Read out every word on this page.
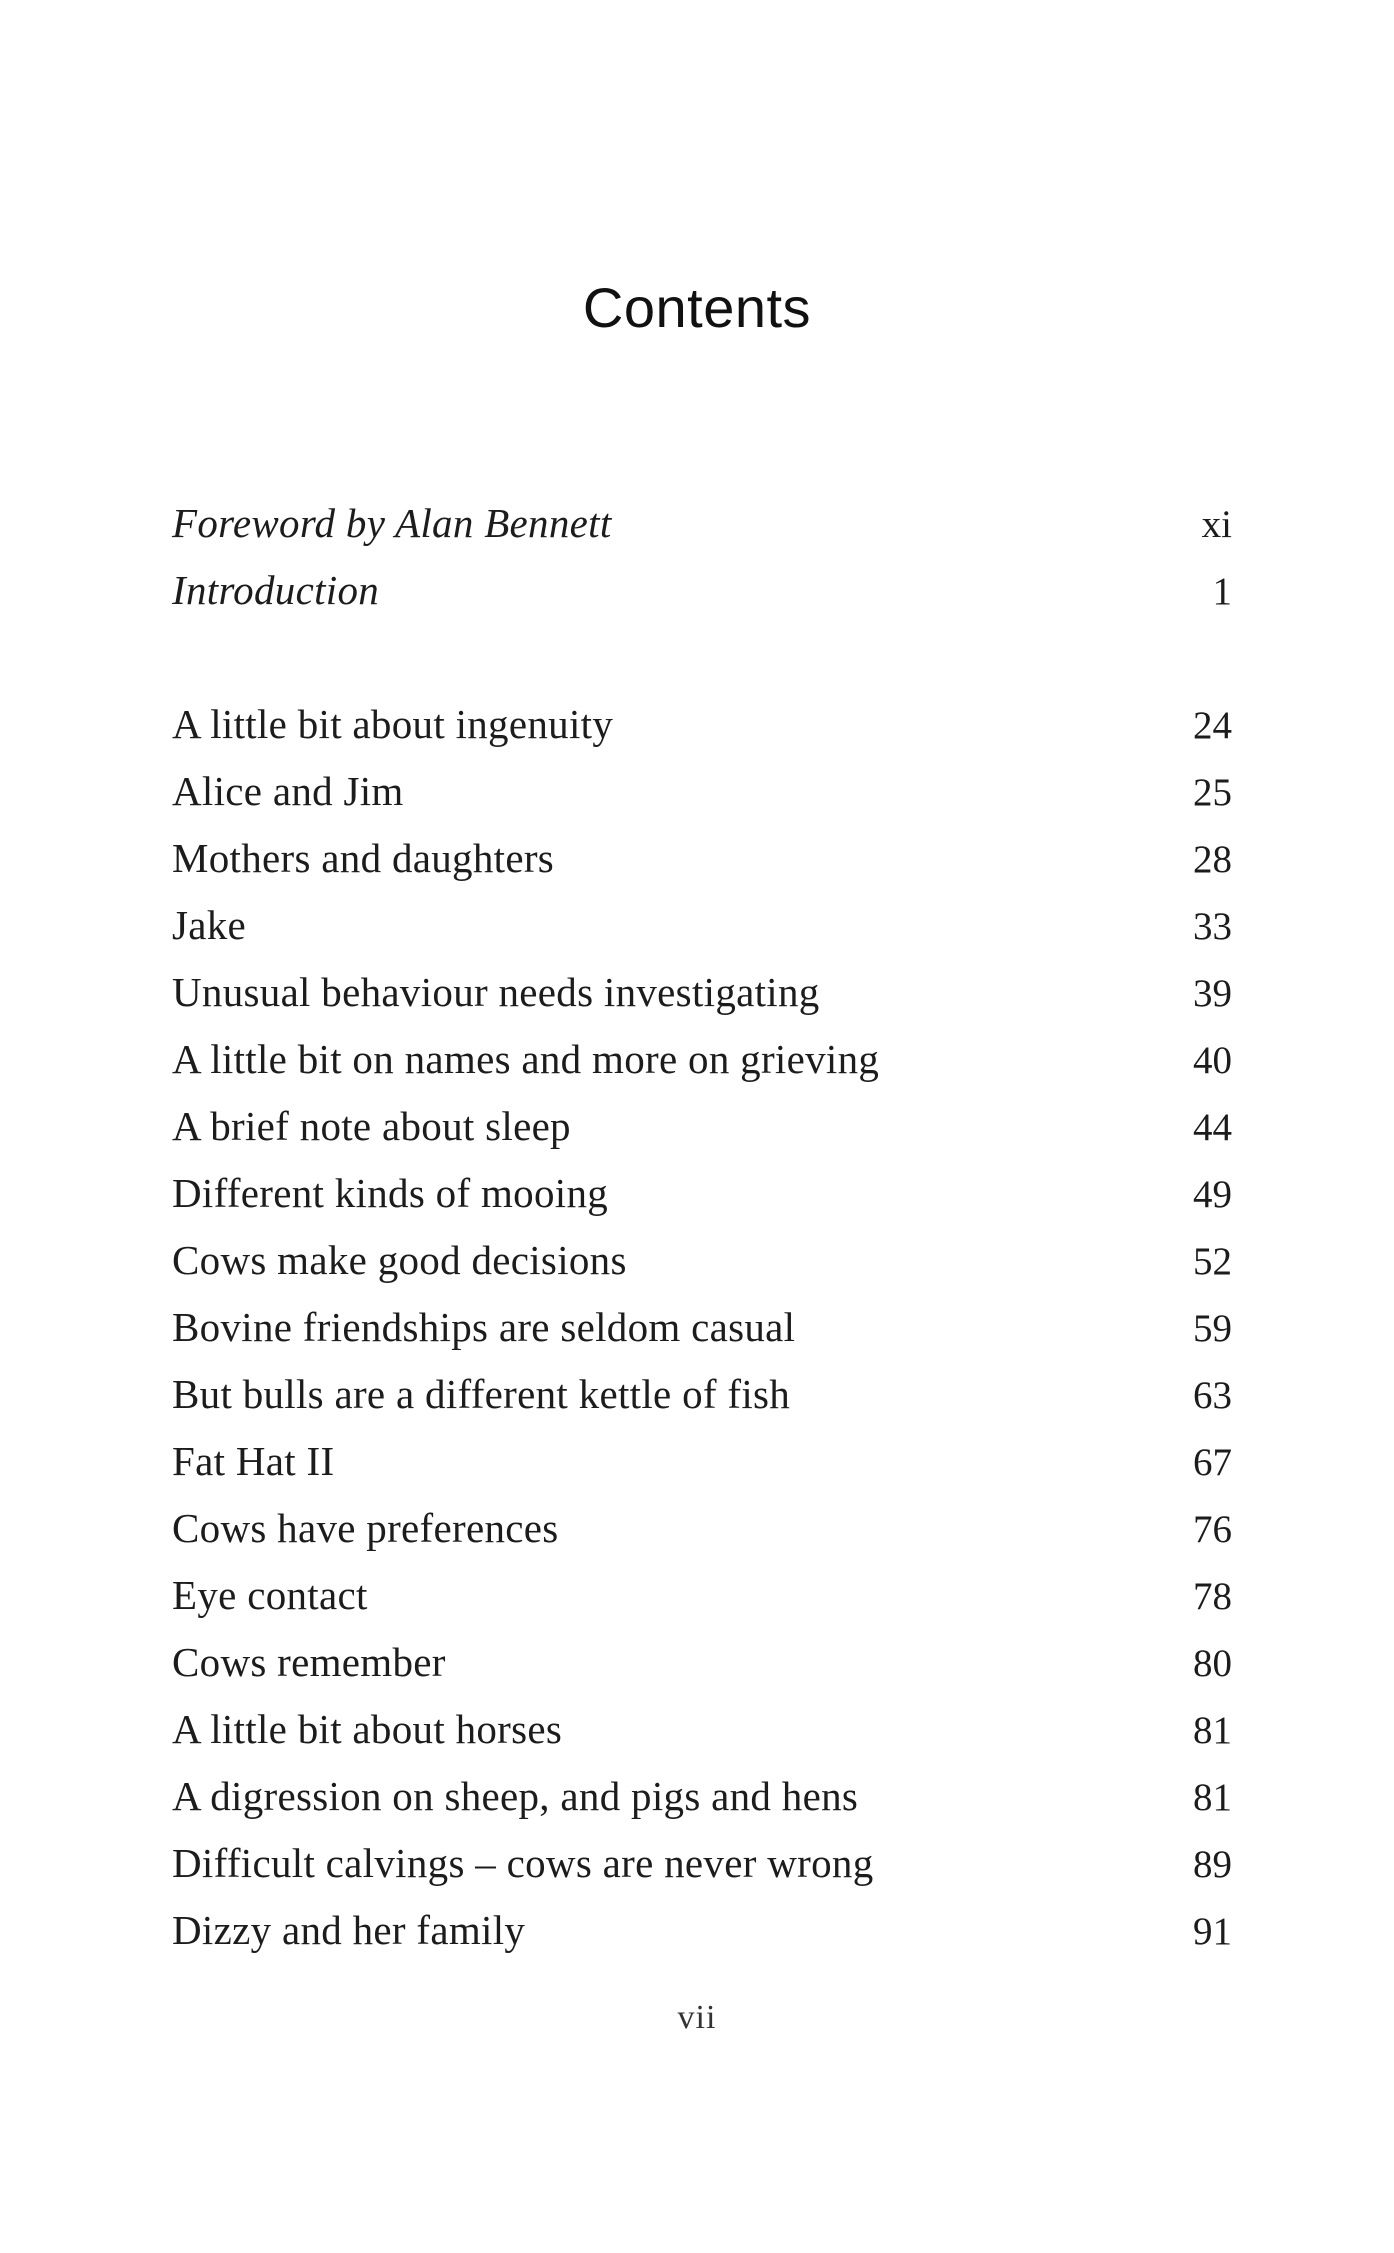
Contents
Foreword by Alan Bennett	xi
Introduction	1
A little bit about ingenuity	24
Alice and Jim	25
Mothers and daughters	28
Jake	33
Unusual behaviour needs investigating	39
A little bit on names and more on grieving	40
A brief note about sleep	44
Different kinds of mooing	49
Cows make good decisions	52
Bovine friendships are seldom casual	59
But bulls are a different kettle of fish	63
Fat Hat II	67
Cows have preferences	76
Eye contact	78
Cows remember	80
A little bit about horses	81
A digression on sheep, and pigs and hens	81
Difficult calvings – cows are never wrong	89
Dizzy and her family	91
vii
